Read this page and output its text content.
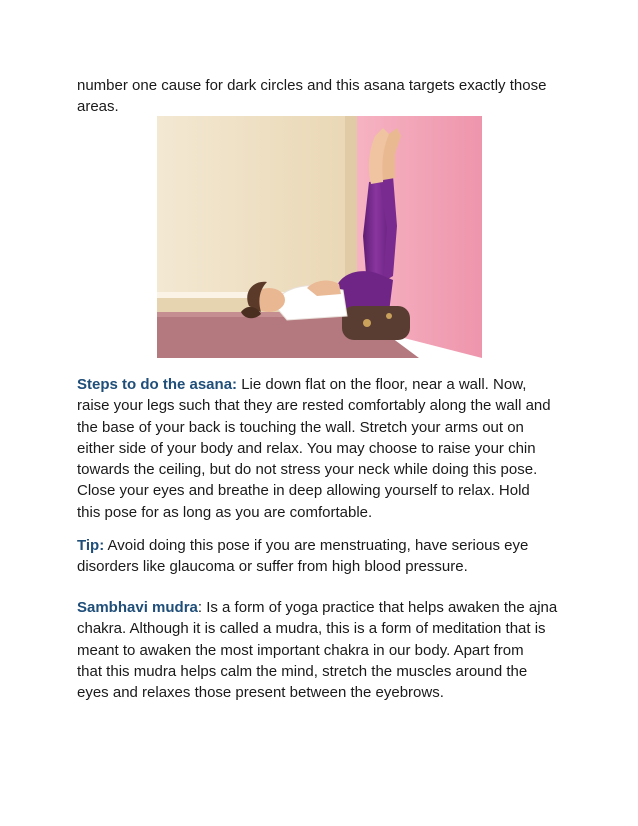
number one cause for dark circles and this asana targets exactly those
areas.

Steps to do the asana: Lie down flat on the floor, near a wall. Now,
raise your legs such that they are rested comfortably along the wall and
the base of your back is touching the wall. Stretch your arms out on
either side of your body and relax. You may choose to raise your chin
towards the ceiling, but do not stress your neck while doing this pose.
Close your eyes and breathe in deep allowing yourself to relax. Hold
this pose for as long as you are comfortable.

Tip: Avoid doing this pose if you are menstruating, have serious eye
disorders like glaucoma or suffer from high blood pressure.

Sambhavi mudra: Is a form of yoga practice that helps awaken the ajna
chakra. Although it is called a mudra, this is a form of meditation that is
meant to awaken the most important chakra in our body. Apart from
that this mudra helps calm the mind, stretch the muscles around the
eyes and relaxes those present between the eyebrows.
